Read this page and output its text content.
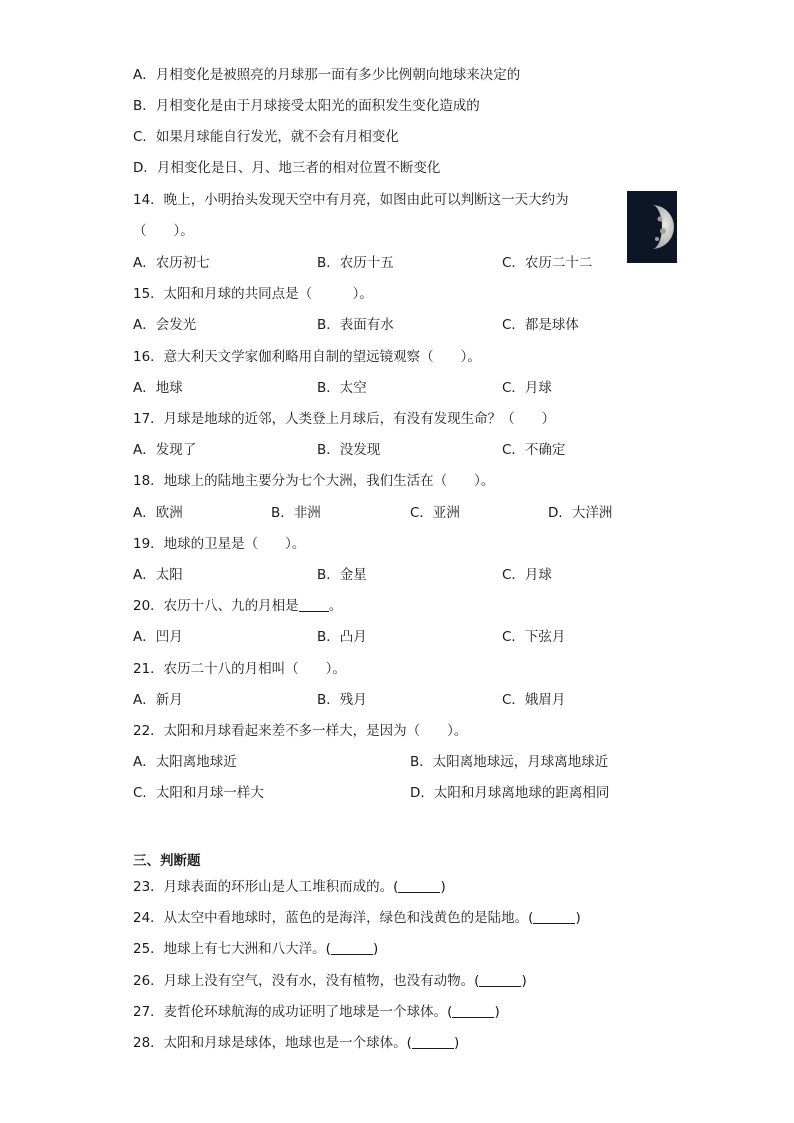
A．月相变化是被照亮的月球那一面有多少比例朝向地球来决定的
B．月相变化是由于月球接受太阳光的面积发生变化造成的
C．如果月球能自行发光，就不会有月相变化
D．月相变化是日、月、地三者的相对位置不断变化
14．晚上，小明抬头发现天空中有月亮，如图由此可以判断这一天大约为
（　　）。
A．农历初七	B．农历十五	C．农历二十二
15．太阳和月球的共同点是（　　　）。
A．会发光	B．表面有水	C．都是球体
16．意大利天文学家伽利略用自制的望远镜观察（　　）。
A．地球	B．太空	C．月球
17．月球是地球的近邻，人类登上月球后，有没有发现生命？（　　）
A．发现了	B．没发现	C．不确定
18．地球上的陆地主要分为七个大洲，我们生活在（　　）。
A．欧洲	B．非洲	C．亚洲	D．大洋洲
19．地球的卫星是（　　）。
A．太阳	B．金星	C．月球
20．农历十八、九的月相是 。
A．凹月	B．凸月	C．下弦月
21．农历二十八的月相叫（　　）。
A．新月	B．残月	C．娥眉月
22．太阳和月球看起来差不多一样大，是因为（　　）。
A．太阳离地球近	B．太阳离地球远，月球离地球近
C．太阳和月球一样大	D．太阳和月球离地球的距离相同
三、判断题
23．月球表面的环形山是人工堆积而成的。(	)
24．从太空中看地球时，蓝色的是海洋，绿色和浅黄色的是陆地。(	)
25．地球上有七大洲和八大洋。(	)
26．月球上没有空气，没有水，没有植物，也没有动物。(	)
27．麦哲伦环球航海的成功证明了地球是一个球体。(	)
28．太阳和月球是球体，地球也是一个球体。(	)
